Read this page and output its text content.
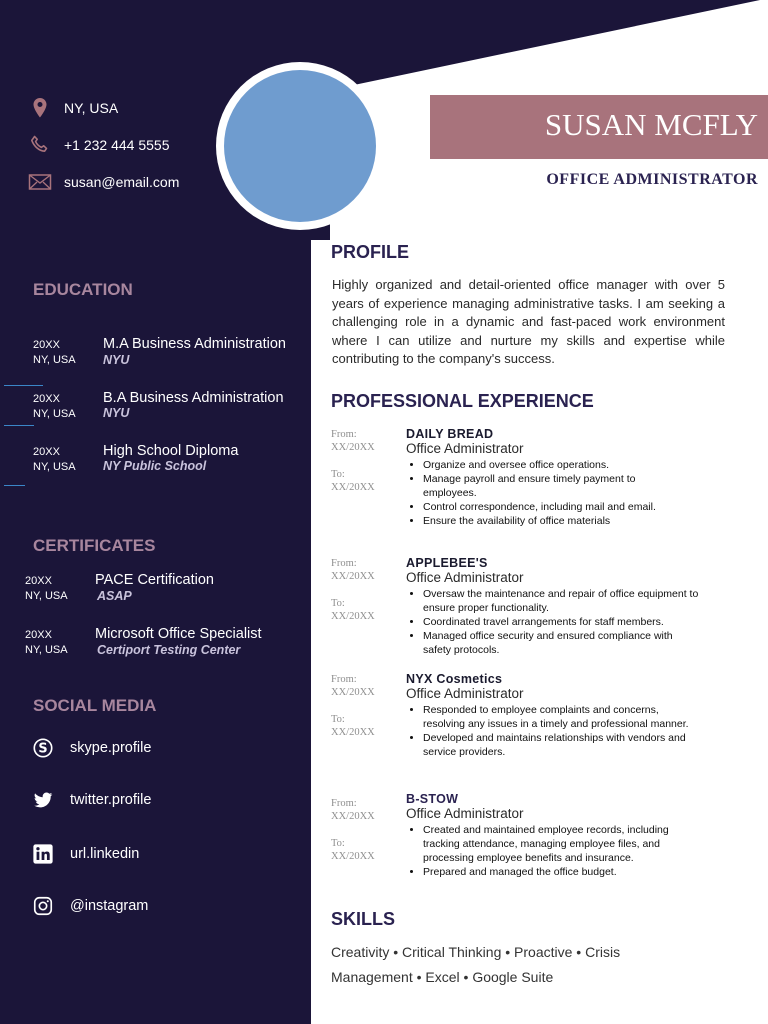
SUSAN MCFLY
OFFICE ADMINISTRATOR
NY, USA
+1 232 444 5555
susan@email.com
EDUCATION
20XX
NY, USA
M.A Business Administration
NYU
20XX
NY, USA
B.A Business Administration
NYU
20XX
NY, USA
High School Diploma
NY Public School
CERTIFICATES
20XX
NY, USA
PACE Certification
ASAP
20XX
NY, USA
Microsoft Office Specialist
Certiport Testing Center
SOCIAL MEDIA
S skype.profile
twitter.profile
url.linkedin
@instagram
PROFILE
Highly organized and detail-oriented office manager with over 5 years of experience managing administrative tasks. I am seeking a challenging role in a dynamic and fast-paced work environment where I can utilize and nurture my skills and expertise while contributing to the company's success.
PROFESSIONAL EXPERIENCE
From:
XX/20XX
To:
XX/20XX
DAILY BREAD
Office Administrator
• Organize and oversee office operations.
• Manage payroll and ensure timely payment to employees.
• Control correspondence, including mail and email.
• Ensure the availability of office materials
From:
XX/20XX
To:
XX/20XX
APPLEBEE'S
Office Administrator
• Oversaw the maintenance and repair of office equipment to ensure proper functionality.
• Coordinated travel arrangements for staff members.
• Managed office security and ensured compliance with safety protocols.
From:
XX/20XX
To:
XX/20XX
NYX Cosmetics
Office Administrator
• Responded to employee complaints and concerns, resolving any issues in a timely and professional manner.
• Developed and maintains relationships with vendors and service providers.
From:
XX/20XX
To:
XX/20XX
B-STOW
Office Administrator
• Created and maintained employee records, including tracking attendance, managing employee files, and processing employee benefits and insurance.
• Prepared and managed the office budget.
SKILLS
Creativity • Critical Thinking • Proactive • Crisis Management • Excel • Google Suite
